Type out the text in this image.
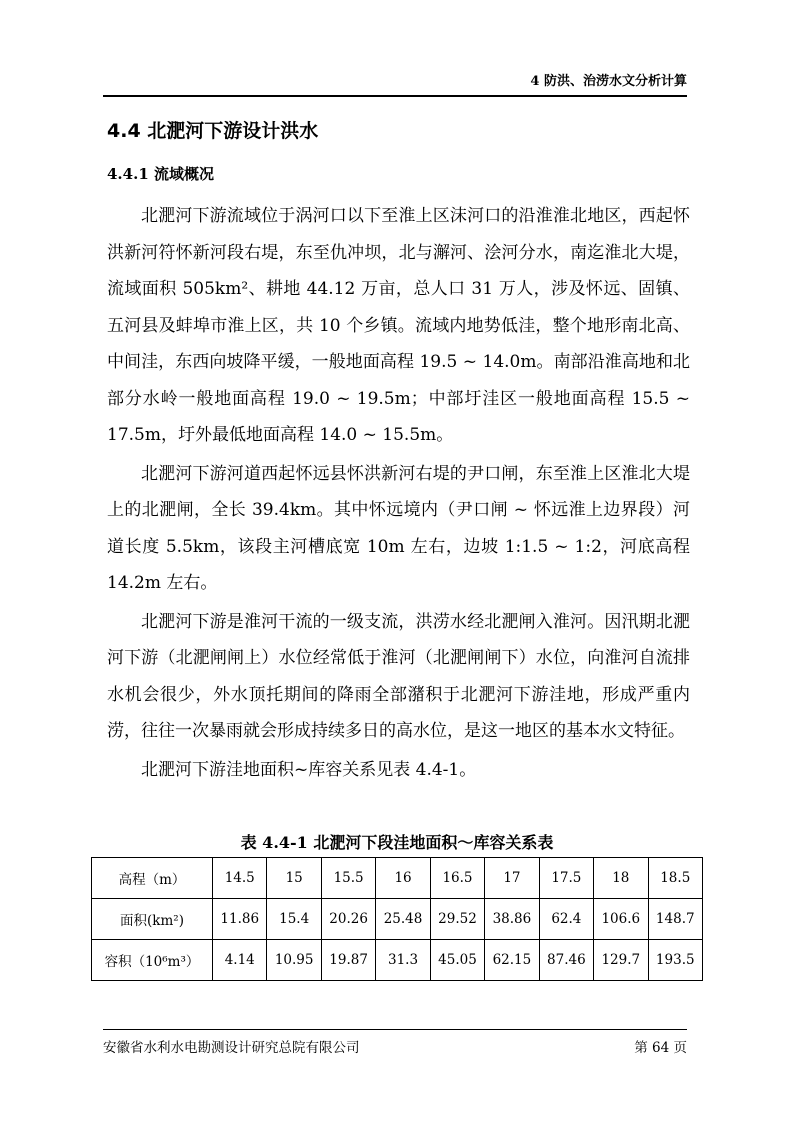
4 防洪、治涝水文分析计算
4.4 北淝河下游设计洪水
4.4.1 流域概况

北淝河下游流域位于涡河口以下至淮上区沫河口的沿淮淮北地区，西起怀洪新河符怀新河段右堤，东至仇冲坝，北与澥河、浍河分水，南迄淮北大堤，流域面积 505km²、耕地 44.12 万亩，总人口 31 万人，涉及怀远、固镇、五河县及蚌埠市淮上区，共 10 个乡镇。流域内地势低洼，整个地形南北高、中间洼，东西向坡降平缓，一般地面高程 19.5 ~ 14.0m。南部沿淮高地和北部分水岭一般地面高程 19.0 ~ 19.5m；中部圩洼区一般地面高程 15.5 ~ 17.5m，圩外最低地面高程 14.0 ~ 15.5m。

北淝河下游河道西起怀远县怀洪新河右堤的尹口闸，东至淮上区淮北大堤上的北淝闸，全长 39.4km。其中怀远境内（尹口闸 ~ 怀远淮上边界段）河道长度 5.5km，该段主河槽底宽 10m 左右，边坡 1:1.5 ~ 1:2，河底高程 14.2m 左右。

北淝河下游是淮河干流的一级支流，洪涝水经北淝闸入淮河。因汛期北淝河下游（北淝闸闸上）水位经常低于淮河（北淝闸闸下）水位，向淮河自流排水机会很少，外水顶托期间的降雨全部潴积于北淝河下游洼地，形成严重内涝，往往一次暴雨就会形成持续多日的高水位，是这一地区的基本水文特征。

北淝河下游洼地面积~库容关系见表 4.4-1。

表 4.4-1 北淝河下段洼地面积～库容关系表
高程（m）	14.5	15	15.5	16	16.5	17	17.5	18	18.5
面积(km²)	11.86	15.4	20.26	25.48	29.52	38.86	62.4	106.6	148.7
容积（10⁶m³）	4.14	10.95	19.87	31.3	45.05	62.15	87.46	129.7	193.5
安徽省水利水电勘测设计研究总院有限公司	第 64 页
